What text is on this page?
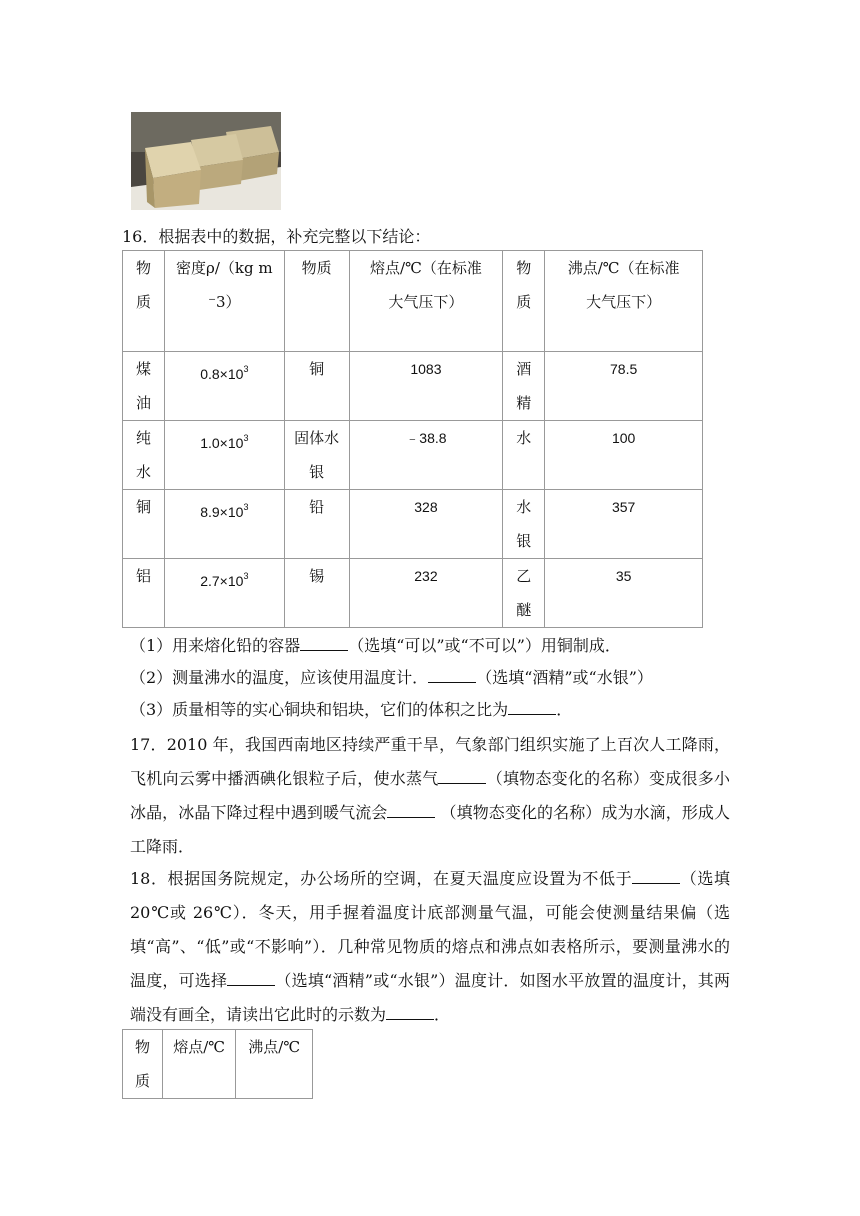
16．根据表中的数据，补充完整以下结论：
物质	密度ρ/（kg m ⁻3）	物质	熔点/℃（在标准大气压下）	物质	沸点/℃（在标准大气压下）
煤油	$0.8\times 10^3$	铜	1083	酒精	78.5
纯水	$1.0\times 10^3$	固体水银	﹣38.8	水	100
铜	$8.9\times 10^3$	铅	328	水银	357
铝	$2.7\times 10^3$	锡	232	乙醚	35
（1）用来熔化铅的容器	（选填“可以”或“不可以”）用铜制成．
（2）测量沸水的温度，应该使用温度计．	（选填“酒精”或“水银”）
（3）质量相等的实心铜块和铝块，它们的体积之比为	．
17．2010 年，我国西南地区持续严重干旱，气象部门组织实施了上百次人工降雨，飞机向云雾中播洒碘化银粒子后，使水蒸气	（填物态变化的名称）变成很多小冰晶，冰晶下降过程中遇到暖气流会	（填物态变化的名称）成为水滴，形成人工降雨．
18．根据国务院规定，办公场所的空调，在夏天温度应设置为不低于	（选填 20℃或 26℃）．冬天，用手握着温度计底部测量气温，可能会使测量结果偏（选填“高”、“低”或“不影响”）．几种常见物质的熔点和沸点如表格所示，要测量沸水的温度，可选择	（选填“酒精”或“水银”）温度计．如图水平放置的温度计，其两端没有画全，请读出它此时的示数为	．
物质	熔点/℃	沸点/℃
